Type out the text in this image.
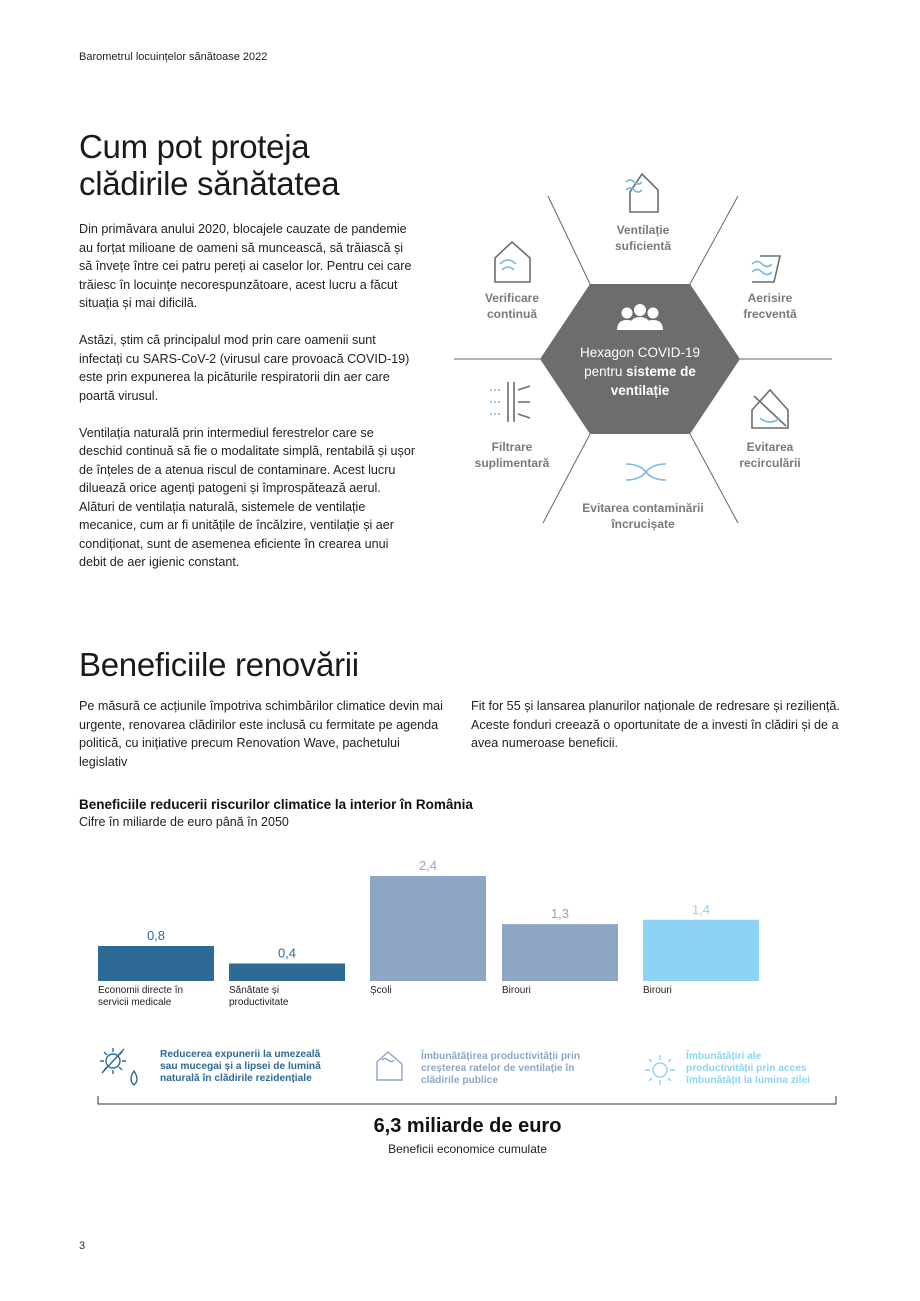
Barometrul locuințelor sănătoase 2022
Cum pot proteja
clădirile sănătatea

Din primăvara anului 2020, blocajele cauzate de pandemie au forțat milioane de oameni să muncească, să trăiască și să învețe între cei patru pereți ai caselor lor. Pentru cei care trăiesc în locuințe necorespunzătoare, acest lucru a făcut situația și mai dificilă.

Astăzi, știm că principalul mod prin care oamenii sunt infectați cu SARS-CoV-2 (virusul care provoacă COVID-19) este prin expunerea la picăturile respiratorii din aer care poartă virusul.

Ventilația naturală prin intermediul ferestrelor care se deschid continuă să fie o modalitate simplă, rentabilă și ușor de înțeles de a atenua riscul de contaminare. Acest lucru diluează orice agenți patogeni și împrospătează aerul. Alături de ventilația naturală, sistemele de ventilație mecanice, cum ar fi unitățile de încălzire, ventilație și aer condiționat, sunt de asemenea eficiente în crearea unui debit de aer igienic constant.

Hexagon COVID-19
pentru sisteme de
ventilație
Ventilație
suficientă
Aerisire
frecventă
Evitarea
recirculării
Evitarea contaminării
încrucișate
Filtrare
suplimentară
Verificare
continuă
Beneficiile renovării
Pe măsură ce acțiunile împotriva schimbărilor climatice devin mai urgente, renovarea clădirilor este inclusă cu fermitate pe agenda politică, cu inițiative precum Renovation Wave, pachetului legislativ
Fit for 55 și lansarea planurilor naționale de redresare și reziliență. Aceste fonduri creează o oportunitate de a investi în clădiri și de a avea numeroase beneficii.
Beneficiile reducerii riscurilor climatice la interior în România
Cifre în miliarde de euro până în 2050
0,8
0,4
2,4
1,3	1,4
Economii directe în
servicii medicale
Sănătate și
productivitate
Școli	Birouri	Birouri
Reducerea expunerii la umezeală
sau mucegai și a lipsei de lumină
naturală în clădirile rezidențiale
Îmbunătățirea productivității prin
creșterea ratelor de ventilație în
clădirile publice
Îmbunătățiri ale
productivității prin acces
îmbunătățit la lumina zilei
6,3 miliarde de euro
Beneficii economice cumulate
3
